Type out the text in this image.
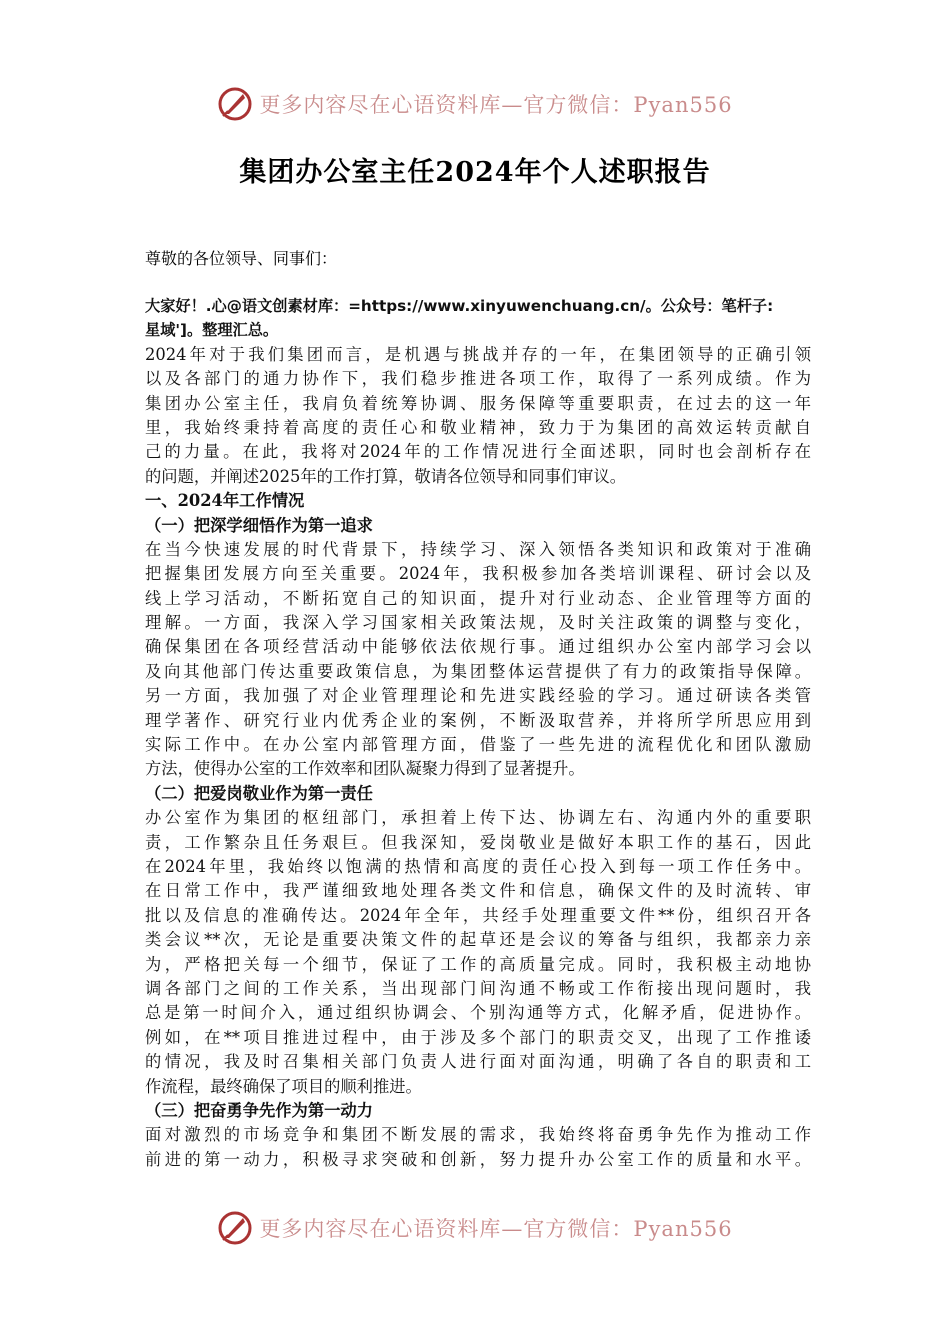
更多内容尽在心语资料库—官方微信：Pyan556
集团办公室主任2024年个人述职报告
尊敬的各位领导、同事们：
大家好！.心@语文创素材库：=https://www.xinyuwenchuang.cn/。公众号：笔杆子:
星域']。整理汇总。
2024年对于我们集团而言，是机遇与挑战并存的一年，在集团领导的正确引领
以及各部门的通力协作下，我们稳步推进各项工作，取得了一系列成绩。作为
集团办公室主任，我肩负着统筹协调、服务保障等重要职责，在过去的这一年
里，我始终秉持着高度的责任心和敬业精神，致力于为集团的高效运转贡献自
己的力量。在此，我将对2024年的工作情况进行全面述职，同时也会剖析存在
的问题，并阐述2025年的工作打算，敬请各位领导和同事们审议。
一、2024年工作情况
（一）把深学细悟作为第一追求
在当今快速发展的时代背景下，持续学习、深入领悟各类知识和政策对于准确
把握集团发展方向至关重要。2024年，我积极参加各类培训课程、研讨会以及
线上学习活动，不断拓宽自己的知识面，提升对行业动态、企业管理等方面的
理解。一方面，我深入学习国家相关政策法规，及时关注政策的调整与变化，
确保集团在各项经营活动中能够依法依规行事。通过组织办公室内部学习会以
及向其他部门传达重要政策信息，为集团整体运营提供了有力的政策指导保障。
另一方面，我加强了对企业管理理论和先进实践经验的学习。通过研读各类管
理学著作、研究行业内优秀企业的案例，不断汲取营养，并将所学所思应用到
实际工作中。在办公室内部管理方面，借鉴了一些先进的流程优化和团队激励
方法，使得办公室的工作效率和团队凝聚力得到了显著提升。
（二）把爱岗敬业作为第一责任
办公室作为集团的枢纽部门，承担着上传下达、协调左右、沟通内外的重要职
责，工作繁杂且任务艰巨。但我深知，爱岗敬业是做好本职工作的基石，因此
在2024年里，我始终以饱满的热情和高度的责任心投入到每一项工作任务中。
在日常工作中，我严谨细致地处理各类文件和信息，确保文件的及时流转、审
批以及信息的准确传达。2024年全年，共经手处理重要文件**份，组织召开各
类会议**次，无论是重要决策文件的起草还是会议的筹备与组织，我都亲力亲
为，严格把关每一个细节，保证了工作的高质量完成。同时，我积极主动地协
调各部门之间的工作关系，当出现部门间沟通不畅或工作衔接出现问题时，我
总是第一时间介入，通过组织协调会、个别沟通等方式，化解矛盾，促进协作。
例如，在**项目推进过程中，由于涉及多个部门的职责交叉，出现了工作推诿
的情况，我及时召集相关部门负责人进行面对面沟通，明确了各自的职责和工
作流程，最终确保了项目的顺利推进。
（三）把奋勇争先作为第一动力
面对激烈的市场竞争和集团不断发展的需求，我始终将奋勇争先作为推动工作
前进的第一动力，积极寻求突破和创新，努力提升办公室工作的质量和水平。
更多内容尽在心语资料库—官方微信：Pyan556
